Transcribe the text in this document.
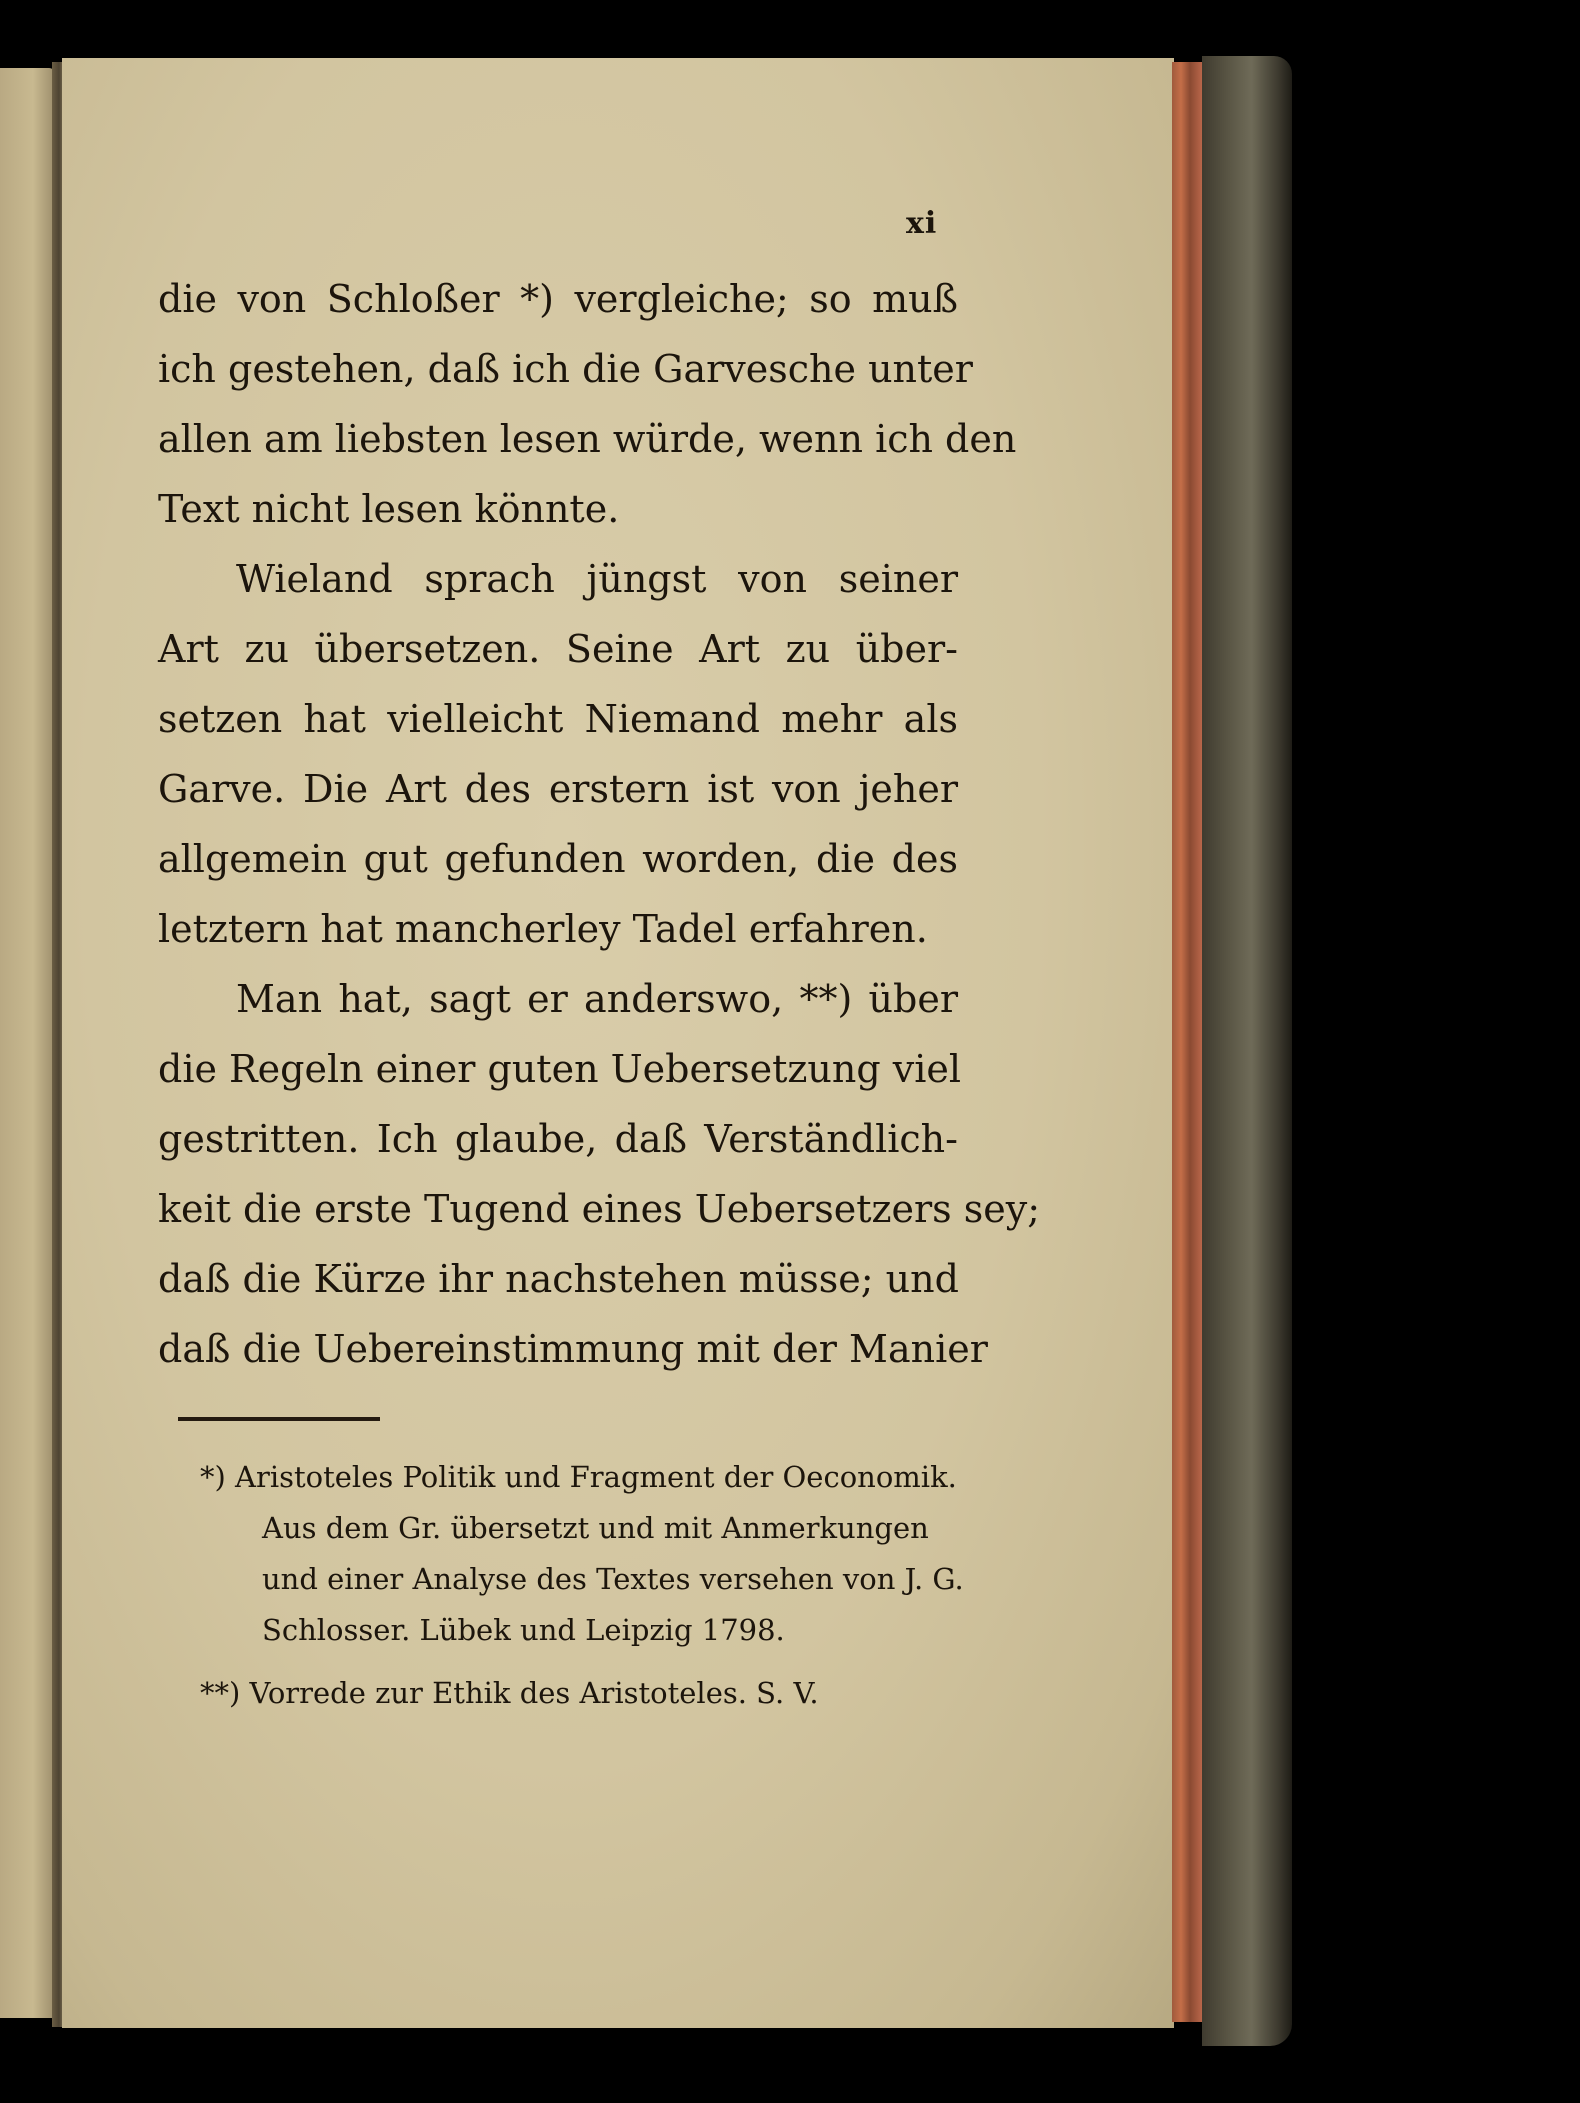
xi
die von Schloßer *) vergleiche; so muß
ich gestehen, daß ich die Garvesche unter
allen am liebsten lesen würde, wenn ich den
Text nicht lesen könnte.
Wieland sprach jüngst von seiner
Art zu übersetzen. Seine Art zu über-
setzen hat vielleicht Niemand mehr als
Garve. Die Art des erstern ist von jeher
allgemein gut gefunden worden, die des
letztern hat mancherley Tadel erfahren.
Man hat, sagt er anderswo, **) über
die Regeln einer guten Uebersetzung viel
gestritten. Ich glaube, daß Verständlich-
keit die erste Tugend eines Uebersetzers sey;
daß die Kürze ihr nachstehen müsse; und
daß die Uebereinstimmung mit der Manier
*) Aristoteles Politik und Fragment der Oeconomik.
Aus dem Gr. übersetzt und mit Anmerkungen
und einer Analyse des Textes versehen von J. G.
Schlosser. Lübek und Leipzig 1798.
**) Vorrede zur Ethik des Aristoteles. S. V.
